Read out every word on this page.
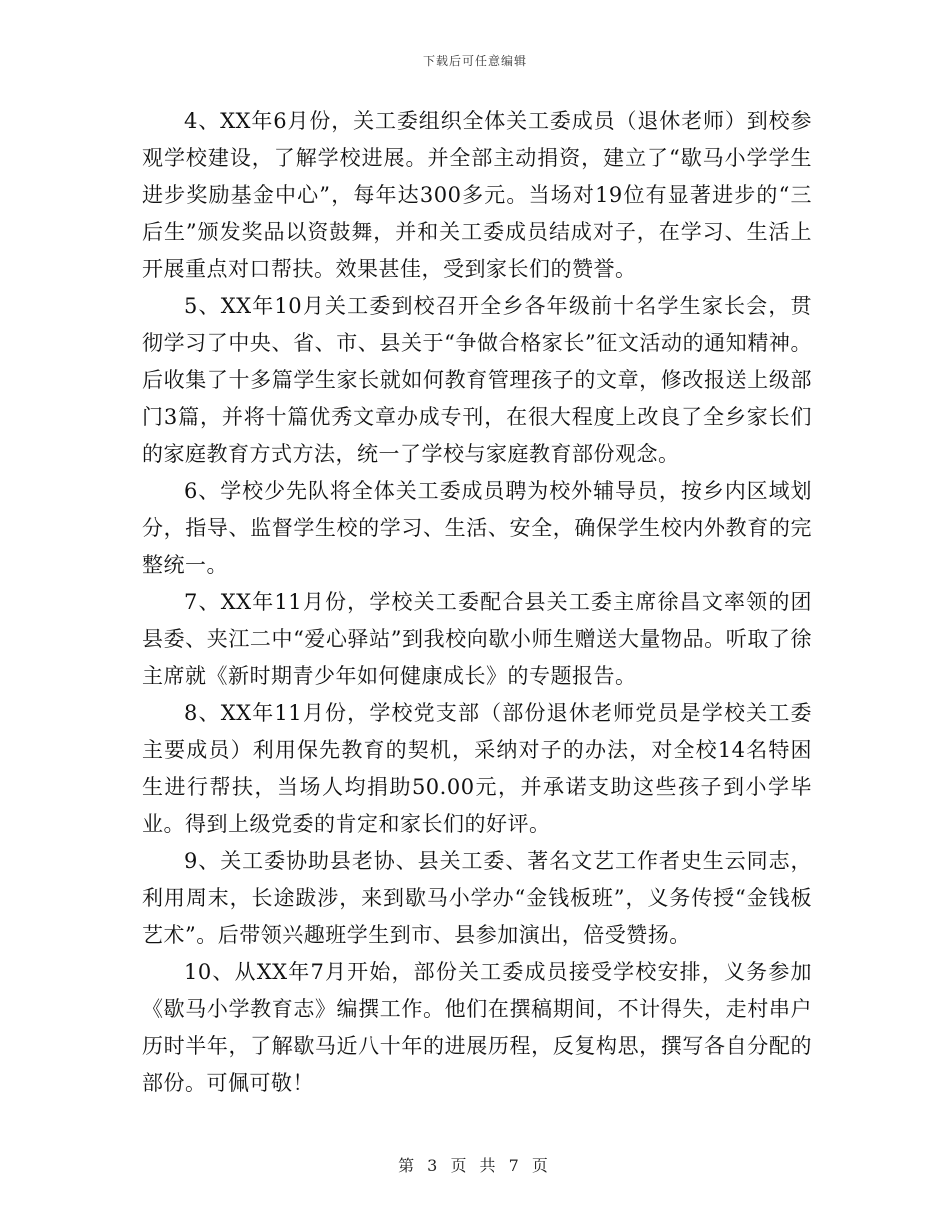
下载后可任意编辑

4、XX年6月份，关工委组织全体关工委成员（退休老师）到校参观学校建设，了解学校进展。并全部主动捐资，建立了“歇马小学学生进步奖励基金中心”，每年达300多元。当场对19位有显著进步的“三后生”颁发奖品以资鼓舞，并和关工委成员结成对子，在学习、生活上开展重点对口帮扶。效果甚佳，受到家长们的赞誉。

5、XX年10月关工委到校召开全乡各年级前十名学生家长会，贯彻学习了中央、省、市、县关于“争做合格家长”征文活动的通知精神。后收集了十多篇学生家长就如何教育管理孩子的文章，修改报送上级部门3篇，并将十篇优秀文章办成专刊，在很大程度上改良了全乡家长们的家庭教育方式方法，统一了学校与家庭教育部份观念。

6、学校少先队将全体关工委成员聘为校外辅导员，按乡内区域划分，指导、监督学生校的学习、生活、安全，确保学生校内外教育的完整统一。

7、XX年11月份，学校关工委配合县关工委主席徐昌文率领的团县委、夹江二中“爱心驿站”到我校向歇小师生赠送大量物品。听取了徐主席就《新时期青少年如何健康成长》的专题报告。

8、XX年11月份，学校党支部（部份退休老师党员是学校关工委主要成员）利用保先教育的契机，采纳对子的办法，对全校14名特困生进行帮扶，当场人均捐助50.00元，并承诺支助这些孩子到小学毕业。得到上级党委的肯定和家长们的好评。

9、关工委协助县老协、县关工委、著名文艺工作者史生云同志，利用周末，长途跋涉，来到歇马小学办“金钱板班”，义务传授“金钱板艺术”。后带领兴趣班学生到市、县参加演出，倍受赞扬。

10、从XX年7月开始，部份关工委成员接受学校安排，义务参加《歇马小学教育志》编撰工作。他们在撰稿期间，不计得失，走村串户历时半年，了解歇马近八十年的进展历程，反复构思，撰写各自分配的部份。可佩可敬！

第 3 页 共 7 页
